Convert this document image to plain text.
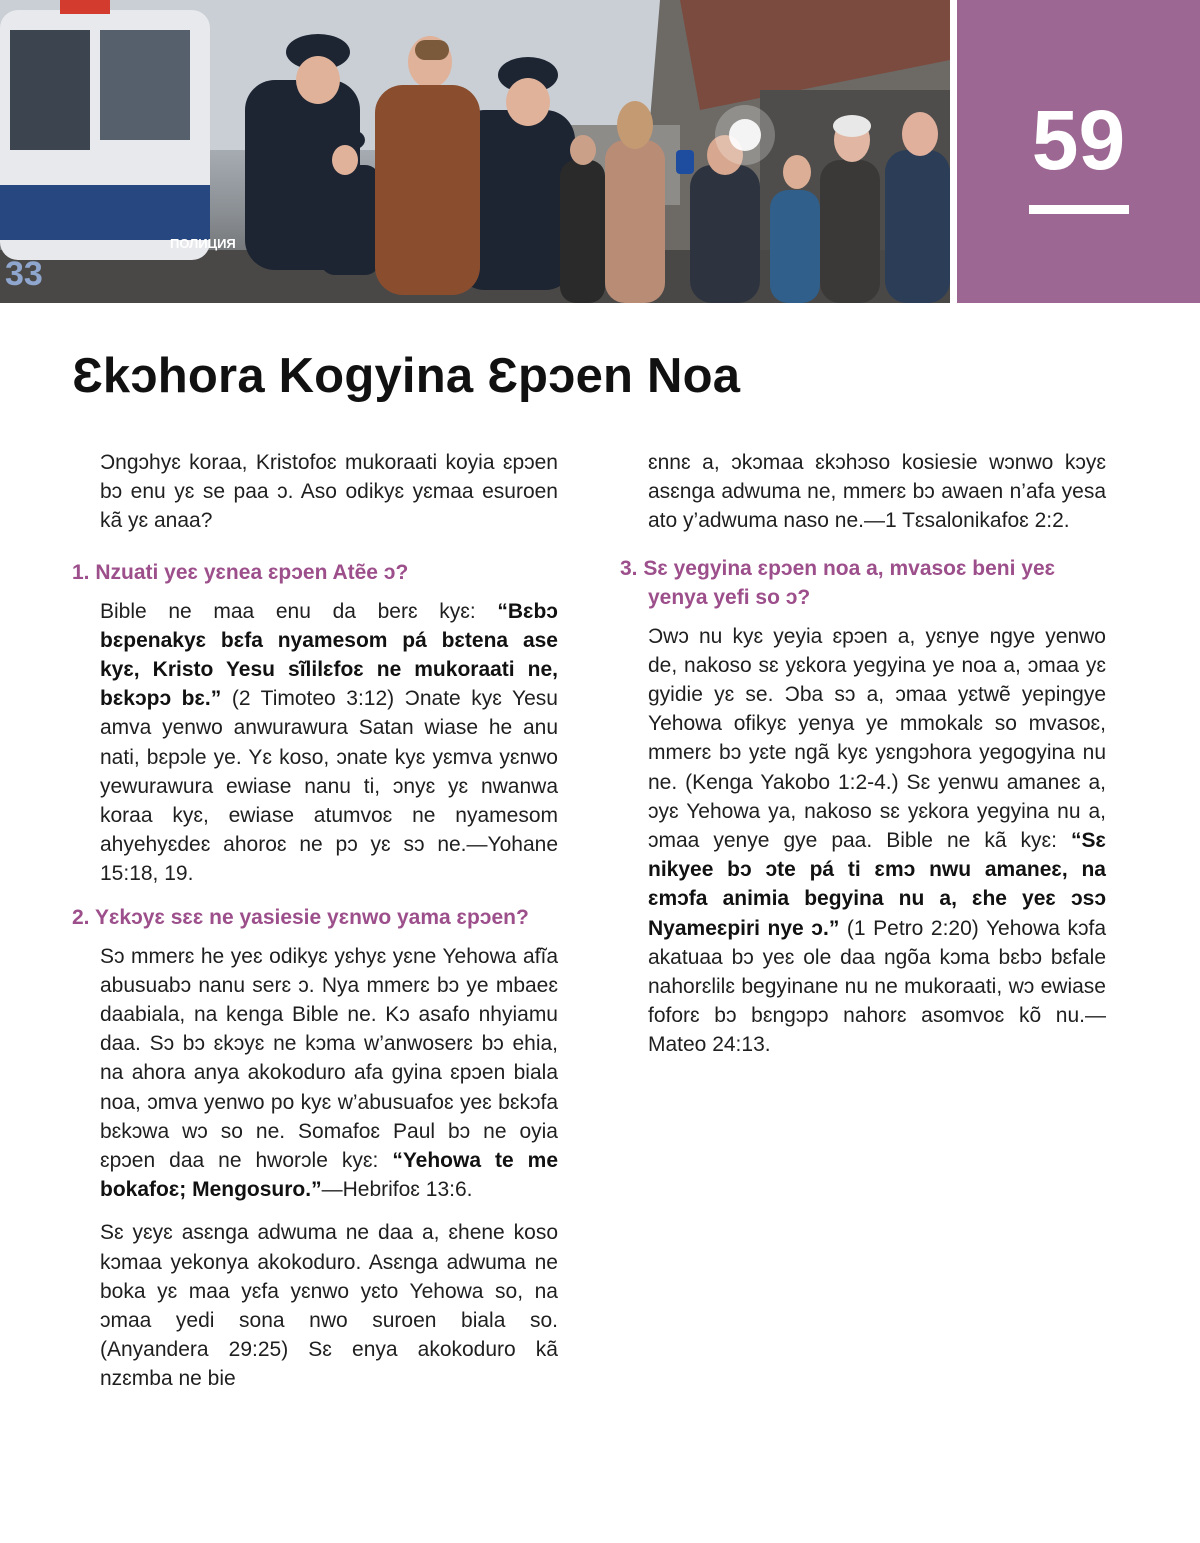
ПОЛИЦИЯ
33
59
Ɛkɔhora Kogyina Ɛpɔen Noa

Ɔngɔhyɛ koraa, Kristofoɛ mukoraati koyia ɛpɔen bɔ enu yɛ se paa ɔ. Aso odikyɛ yɛmaa esuroen kã yɛ anaa?

1. Nzuati yeɛ yɛnea ɛpɔen Atẽe ɔ?

Bible ne maa enu da berɛ kyɛ: “Bɛbɔ bɛpenakyɛ bɛfa nyamesom pá bɛtena ase kyɛ, Kristo Yesu sĩlilɛfoɛ ne mukoraati ne, bɛkɔpɔ bɛ.” (2 Timoteo 3:12) Ɔnate kyɛ Yesu amva yenwo anwurawura Satan wiase he anu nati, bɛpɔle ye. Yɛ koso, ɔnate kyɛ yɛmva yɛnwo yewurawura ewiase nanu ti, ɔnyɛ yɛ nwanwa koraa kyɛ, ewiase atumvoɛ ne nyamesom ahyehyɛdeɛ ahoroɛ ne pɔ yɛ sɔ ne.—Yohane 15:18, 19.

2. Yɛkɔyɛ sɛɛ ne yasiesie yɛnwo yama ɛpɔen?

Sɔ mmerɛ he yeɛ odikyɛ yɛhyɛ yɛne Yehowa afĩa abusuabɔ nanu serɛ ɔ. Nya mmerɛ bɔ ye mbaeɛ daabiala, na kenga Bible ne. Kɔ asafo nhyiamu daa. Sɔ bɔ ɛkɔyɛ ne kɔma w’anwoserɛ bɔ ehia, na ahora anya akokoduro afa gyina ɛpɔen biala noa, ɔmva yenwo po kyɛ w’abusuafoɛ yeɛ bɛkɔfa bɛkɔwa wɔ so ne. Somafoɛ Paul bɔ ne oyia ɛpɔen daa ne hworɔle kyɛ: “Yehowa te me bokafoɛ; Mengosuro.”—Hebrifoɛ 13:6.

Sɛ yɛyɛ asɛnga adwuma ne daa a, ɛhene koso kɔmaa yekonya akokoduro. Asɛnga adwuma ne boka yɛ maa yɛfa yɛnwo yɛto Yehowa so, na ɔmaa yedi sona nwo suroen biala so. (Anyandera 29:25) Sɛ enya akokoduro kã nzɛmba ne bie

ɛnnɛ a, ɔkɔmaa ɛkɔhɔso kosiesie wɔnwo kɔyɛ asɛnga adwuma ne, mmerɛ bɔ awaen n’afa yesa ato y’adwuma naso ne.—1 Tɛsalonikafoɛ 2:2.

3. Sɛ yegyina ɛpɔen noa a, mvasoɛ beni yeɛ yenya yefi so ɔ?

Ɔwɔ nu kyɛ yeyia ɛpɔen a, yɛnye ngye yenwo de, nakoso sɛ yɛkora yegyina ye noa a, ɔmaa yɛ gyidie yɛ se. Ɔba sɔ a, ɔmaa yɛtwẽ yepingye Yehowa ofikyɛ yenya ye mmokalɛ so mvasoɛ, mmerɛ bɔ yɛte ngã kyɛ yɛngɔhora yegogyina nu ne. (Kenga Yakobo 1:2-4.) Sɛ yenwu amaneɛ a, ɔyɛ Yehowa ya, nakoso sɛ yɛkora yegyina nu a, ɔmaa yenye gye paa. Bible ne kã kyɛ: “Sɛ nikyee bɔ ɔte pá ti ɛmɔ nwu amaneɛ, na ɛmɔfa animia begyina nu a, ɛhe yeɛ ɔsɔ Nyameɛpiri nye ɔ.” (1 Petro 2:20) Yehowa kɔfa akatuaa bɔ yeɛ ole daa ngõa kɔma bɛbɔ bɛfale nahorɛlilɛ begyinane nu ne mukoraati, wɔ ewiase foforɛ bɔ bɛngɔpɔ nahorɛ asomvoɛ kõ nu.—Mateo 24:13.
